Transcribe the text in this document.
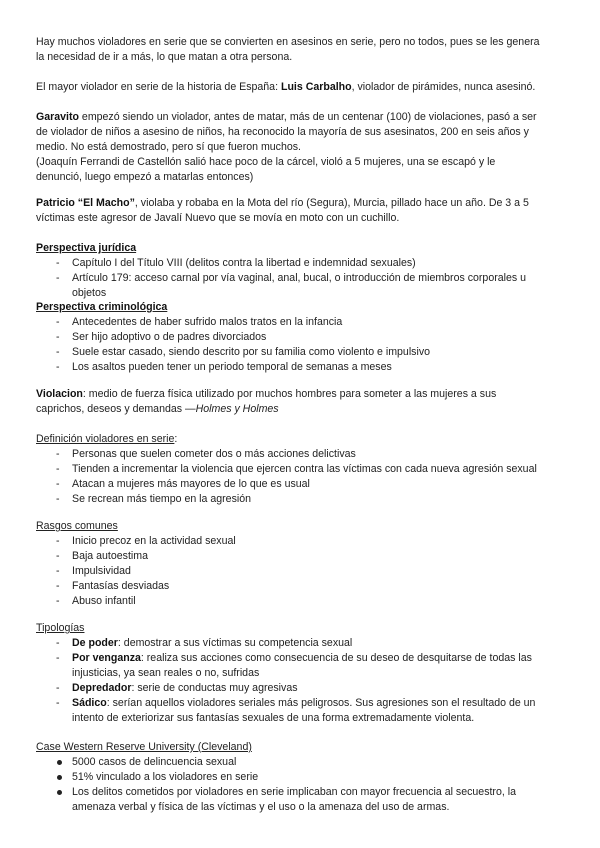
Hay muchos violadores en serie que se convierten en asesinos en serie, pero no todos, pues se les genera
la necesidad de ir a más, lo que matan a otra persona.

El mayor violador en serie de la historia de España: Luis Carbalho, violador de pirámides, nunca asesinó.

Garavito empezó siendo un violador, antes de matar, más de un centenar (100) de violaciones, pasó a ser
de violador de niños a asesino de niños, ha reconocido la mayoría de sus asesinatos, 200 en seis años y
medio. No está demostrado, pero sí que fueron muchos.
(Joaquín Ferrandi de Castellón salió hace poco de la cárcel, violó a 5 mujeres, una se escapó y le
denunció, luego empezó a matarlas entonces)

Patricio “El Macho”, violaba y robaba en la Mota del río (Segura), Murcia, pillado hace un año. De 3 a 5
víctimas este agresor de Javalí Nuevo que se movía en moto con un cuchillo.

Perspectiva jurídica
- Capítulo I del Título VIII (delitos contra la libertad e indemnidad sexuales)
- Artículo 179: acceso carnal por vía vaginal, anal, bucal, o introducción de miembros corporales u
objetos
Perspectiva criminológica
- Antecedentes de haber sufrido malos tratos en la infancia
- Ser hijo adoptivo o de padres divorciados
- Suele estar casado, siendo descrito por su familia como violento e impulsivo
- Los asaltos pueden tener un periodo temporal de semanas a meses

Violacion: medio de fuerza física utilizado por muchos hombres para someter a las mujeres a sus
caprichos, deseos y demandas —Holmes y Holmes

Definición violadores en serie:
- Personas que suelen cometer dos o más acciones delictivas
- Tienden a incrementar la violencia que ejercen contra las víctimas con cada nueva agresión sexual
- Atacan a mujeres más mayores de lo que es usual
- Se recrean más tiempo en la agresión
Rasgos comunes
- Inicio precoz en la actividad sexual
- Baja autoestima
- Impulsividad
- Fantasías desviadas
- Abuso infantil
Tipologías
- De poder: demostrar a sus víctimas su competencia sexual
- Por venganza: realiza sus acciones como consecuencia de su deseo de desquitarse de todas las
injusticias, ya sean reales o no, sufridas
- Depredador: serie de conductas muy agresivas
- Sádico: serían aquellos violadores seriales más peligrosos. Sus agresiones son el resultado de un
intento de exteriorizar sus fantasías sexuales de una forma extremadamente violenta.
Case Western Reserve University (Cleveland)
5000 casos de delincuencia sexual
51% vinculado a los violadores en serie
Los delitos cometidos por violadores en serie implicaban con mayor frecuencia al secuestro, la
amenaza verbal y física de las víctimas y el uso o la amenaza del uso de armas.
